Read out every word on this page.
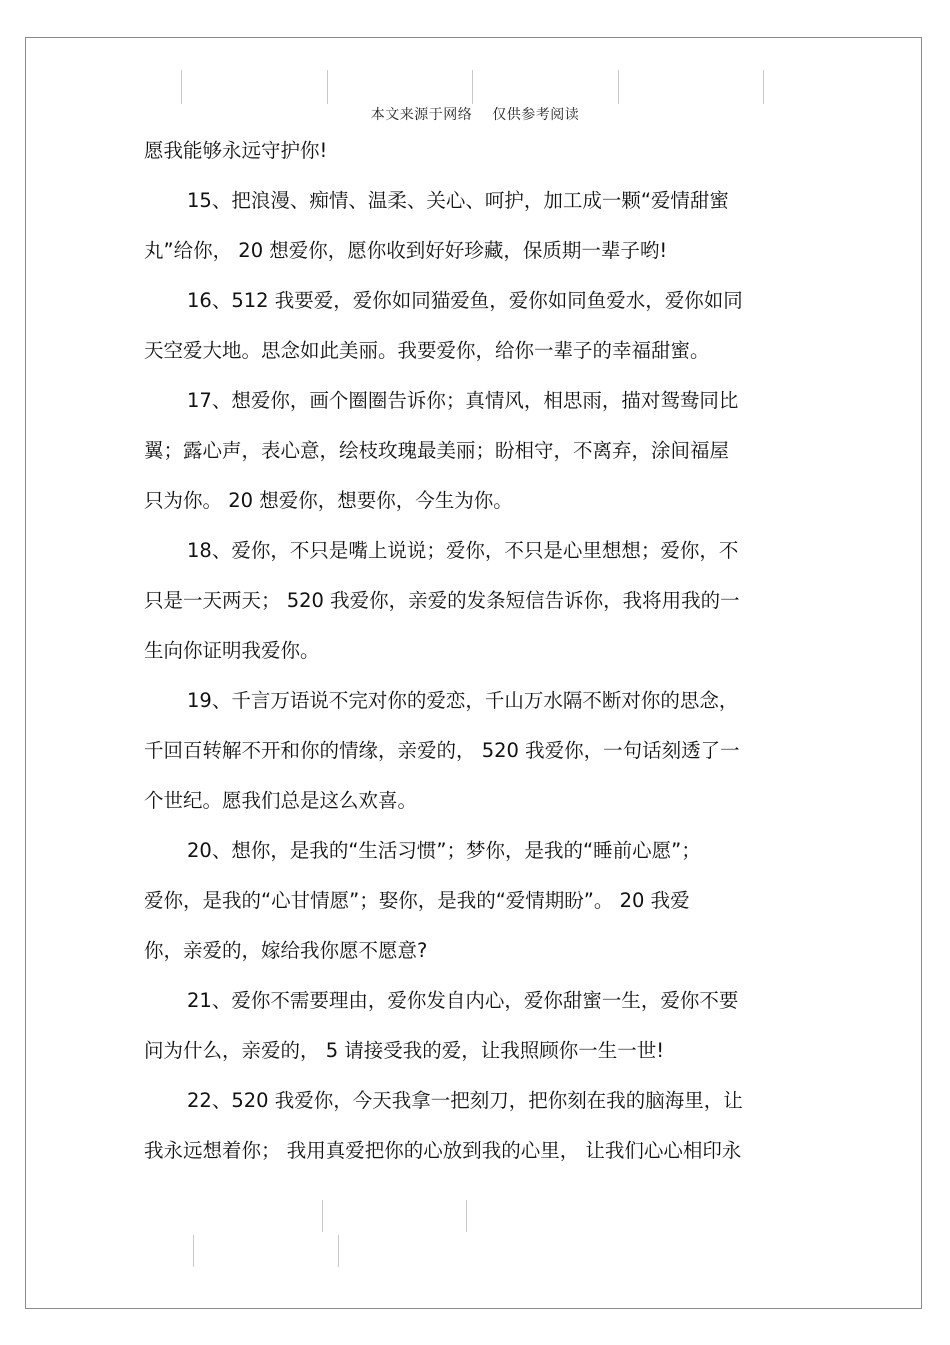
本文来源于网络 仅供参考阅读
愿我能够永远守护你!
15、把浪漫、痴情、温柔、关心、呵护，加工成一颗“爱情甜蜜
丸”给你， 20 想爱你，愿你收到好好珍藏，保质期一辈子哟!
16、512 我要爱，爱你如同猫爱鱼，爱你如同鱼爱水，爱你如同
天空爱大地。思念如此美丽。我要爱你，给你一辈子的幸福甜蜜。
17、想爱你，画个圈圈告诉你；真情风，相思雨，描对鸳鸯同比
翼；露心声，表心意，绘枝玫瑰最美丽；盼相守，不离弃，涂间福屋
只为你。 20 想爱你，想要你，今生为你。
18、爱你，不只是嘴上说说；爱你，不只是心里想想；爱你，不
只是一天两天； 520 我爱你，亲爱的发条短信告诉你，我将用我的一
生向你证明我爱你。
19、千言万语说不完对你的爱恋，千山万水隔不断对你的思念，
千回百转解不开和你的情缘，亲爱的， 520 我爱你，一句话刻透了一
个世纪。愿我们总是这么欢喜。
20、想你，是我的“生活习惯”；梦你，是我的“睡前心愿”；
爱你，是我的“心甘情愿”；娶你，是我的“爱情期盼”。 20 我爱
你，亲爱的，嫁给我你愿不愿意?
21、爱你不需要理由，爱你发自内心，爱你甜蜜一生，爱你不要
问为什么，亲爱的， 5 请接受我的爱，让我照顾你一生一世!
22、520 我爱你，今天我拿一把刻刀，把你刻在我的脑海里，让
我永远想着你； 我用真爱把你的心放到我的心里， 让我们心心相印永
